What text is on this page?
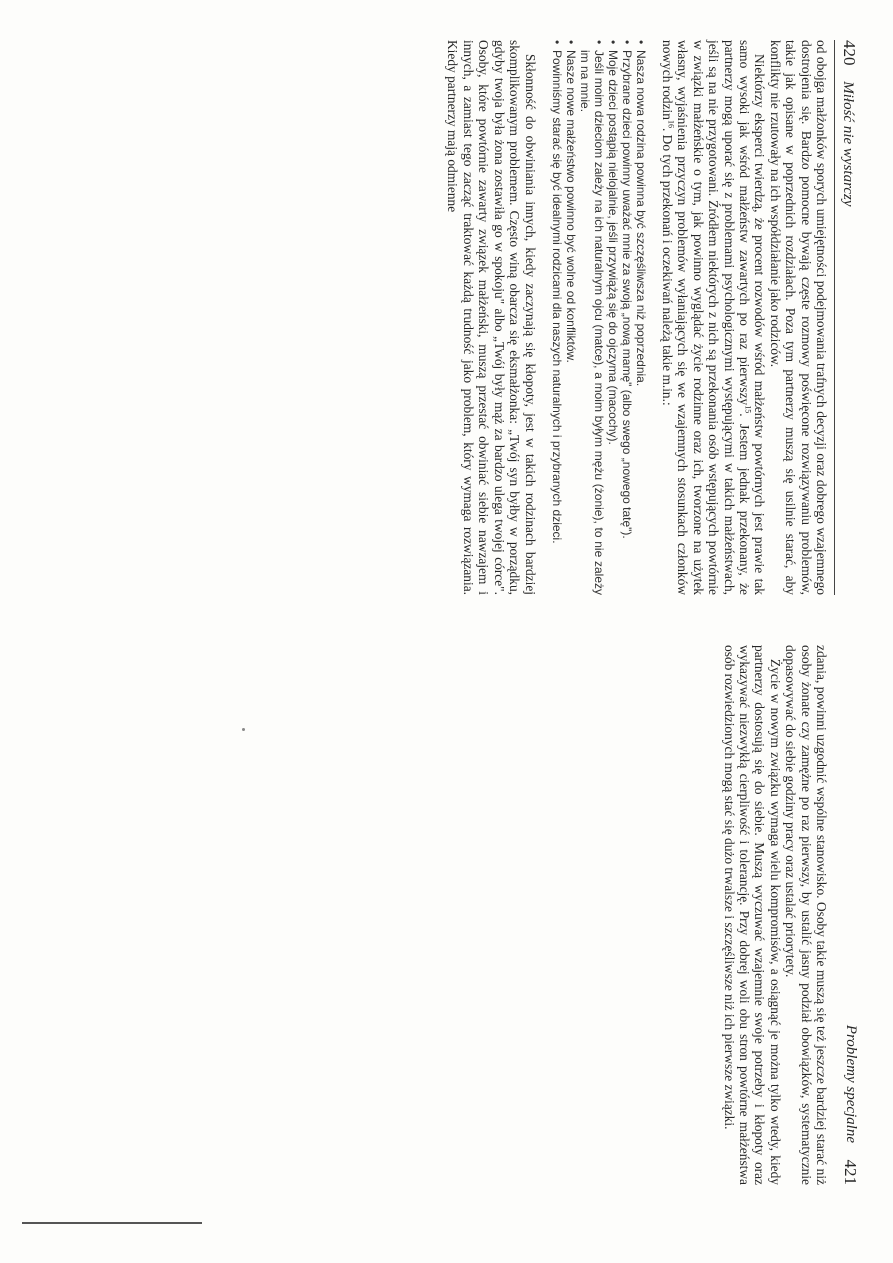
420 Miłość nie wystarczy

od obojga małżonków sporych umiejętności podejmowania trafnych decyzji oraz dobrego wzajemnego dostrojenia się. Bardzo pomocne bywają częste rozmowy poświęcone rozwiązywaniu problemów, takie jak opisane w poprzednich rozdziałach. Poza tym partnerzy muszą się usilnie starać, aby konflikty nie rzutowały na ich współdziałanie jako rodziców.

Niektórzy eksperci twierdzą, że procent rozwodów wśród małżeństw powtórnych jest prawie tak samo wysoki jak wśród małżeństw zawartych po raz pierwszy$^{15}$. Jestem jednak przekonany, że partnerzy mogą uporać się z problemami psychologicznymi występującymi w takich małżeństwach, jeśli są na nie przygotowani. Źródłem niektórych z nich są przekonania osób wstępujących powtórnie w związki małżeńskie o tym, jak powinno wyglądać życie rodzinne oraz ich, tworzone na użytek własny, wyjaśnienia przyczyn problemów wyłaniających się we wzajemnych stosunkach członków nowych rodzin$^{16}$. Do tych przekonań i oczekiwań należą takie m.in.:

• Nasza nowa rodzina powinna być szczęśliwsza niż poprzednia.
• Przybrane dzieci powinny uważać mnie za swoją „nową mamę" (albo swego „nowego tatę").
• Moje dzieci postąpią nielojalnie, jeśli przywiążą się do ojczyma (macochy).
• Jeśli moim dzieciom zależy na ich naturalnym ojcu (matce), a moim byłym mężu (żonie), to nie zależy im na mnie.
• Nasze nowe małżeństwo powinno być wolne od konfliktów.
• Powinniśmy starać się być idealnymi rodzicami dla naszych naturalnych i przybranych dzieci.

Skłonność do obwiniania innych, kiedy zaczynają się kłopoty, jest w takich rodzinach bardziej skomplikowanym problemem. Często winą obarcza się eksmałżonka: „Twój syn byłby w porządku, gdyby twoja była żona zostawiła go w spokoju" albo „Twój były mąż za bardzo ulega twojej córce". Osoby, które powtórnie zawarty związek małżeński, muszą przestać obwiniać siebie nawzajem i innych, a zamiast tego zacząć traktować każdą trudność jako problem, który wymaga rozwiązania. Kiedy partnerzy mają odmienne

Problemy specjalne
421

zdania, powinni uzgodnić wspólne stanowisko. Osoby takie muszą się też jeszcze bardziej starać niż osoby żonate czy zamężne po raz pierwszy, by ustalić jasny podział obowiązków, systematycznie dopasowywać do siebie godziny pracy oraz ustalać priorytety.

Życie w nowym związku wymaga wielu kompromisów, a osiągnąć je można tylko wtedy, kiedy partnerzy dostosują się do siebie. Muszą wyczuwać wzajemnie swoje potrzeby i kłopoty oraz wykazywać niezwykłą cierpliwość i tolerancję. Przy dobrej woli obu stron powtórne małżeństwa osób rozwiedzionych mogą stać się dużo trwalsze i szczęśliwsze niż ich pierwsze związki.
